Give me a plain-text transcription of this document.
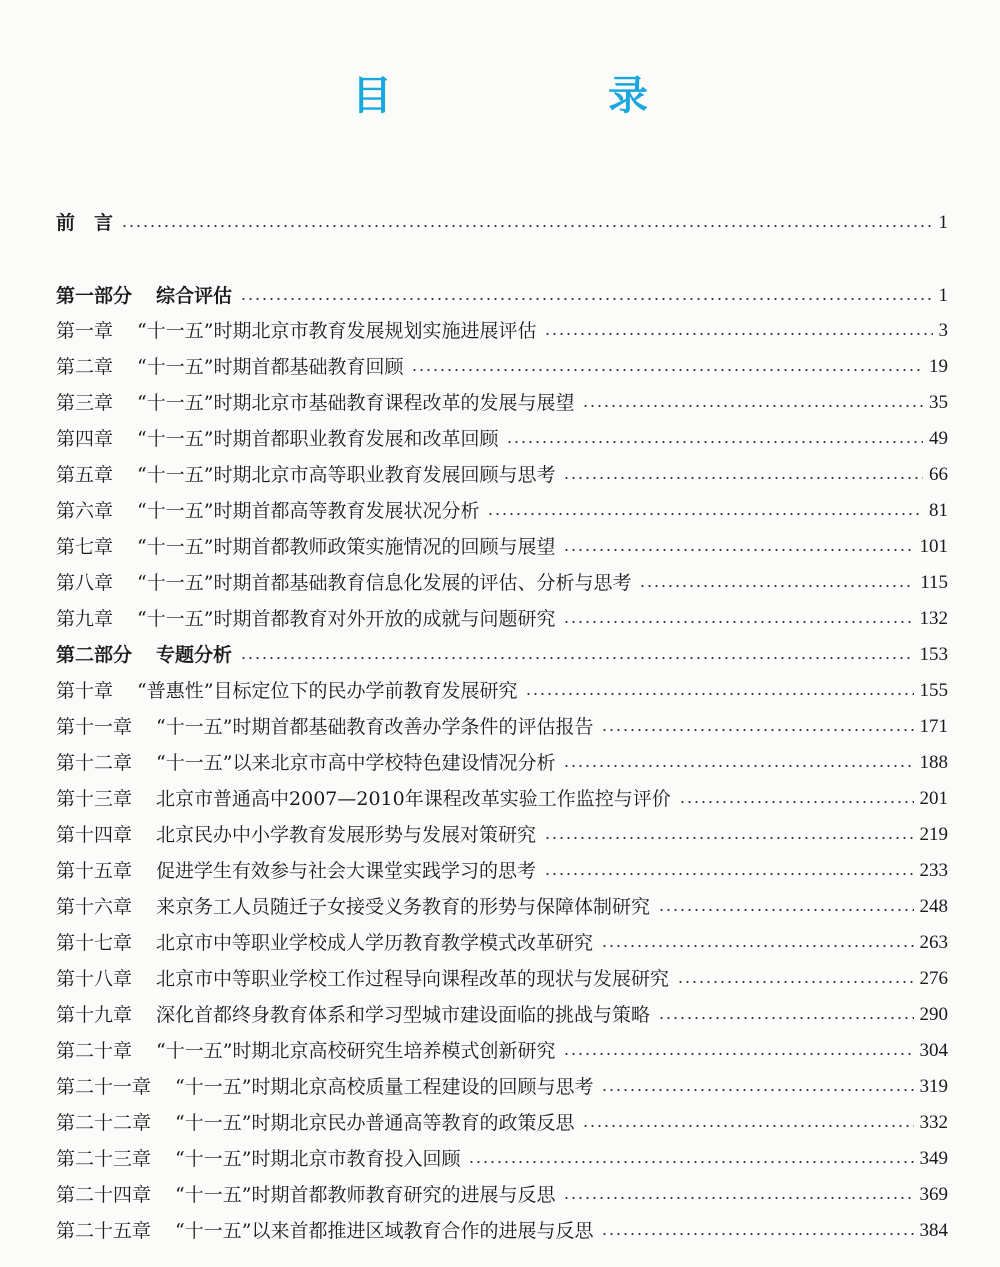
目　录
前　言	1
第一部分 综合评估	1
第一章 “十一五”时期北京市教育发展规划实施进展评估	3
第二章 “十一五”时期首都基础教育回顾	19
第三章 “十一五”时期北京市基础教育课程改革的发展与展望	35
第四章 “十一五”时期首都职业教育发展和改革回顾	49
第五章 “十一五”时期北京市高等职业教育发展回顾与思考	66
第六章 “十一五”时期首都高等教育发展状况分析	81
第七章 “十一五”时期首都教师政策实施情况的回顾与展望	101
第八章 “十一五”时期首都基础教育信息化发展的评估、分析与思考	115
第九章 “十一五”时期首都教育对外开放的成就与问题研究	132
第二部分 专题分析	153
第十章 “普惠性”目标定位下的民办学前教育发展研究	155
第十一章 “十一五”时期首都基础教育改善办学条件的评估报告	171
第十二章 “十一五”以来北京市高中学校特色建设情况分析	188
第十三章 北京市普通高中2007—2010年课程改革实验工作监控与评价	201
第十四章 北京民办中小学教育发展形势与发展对策研究	219
第十五章 促进学生有效参与社会大课堂实践学习的思考	233
第十六章 来京务工人员随迁子女接受义务教育的形势与保障体制研究	248
第十七章 北京市中等职业学校成人学历教育教学模式改革研究	263
第十八章 北京市中等职业学校工作过程导向课程改革的现状与发展研究	276
第十九章 深化首都终身教育体系和学习型城市建设面临的挑战与策略	290
第二十章 “十一五”时期北京高校研究生培养模式创新研究	304
第二十一章 “十一五”时期北京高校质量工程建设的回顾与思考	319
第二十二章 “十一五”时期北京民办普通高等教育的政策反思	332
第二十三章 “十一五”时期北京市教育投入回顾	349
第二十四章 “十一五”时期首都教师教育研究的进展与反思	369
第二十五章 “十一五”以来首都推进区域教育合作的进展与反思	384
